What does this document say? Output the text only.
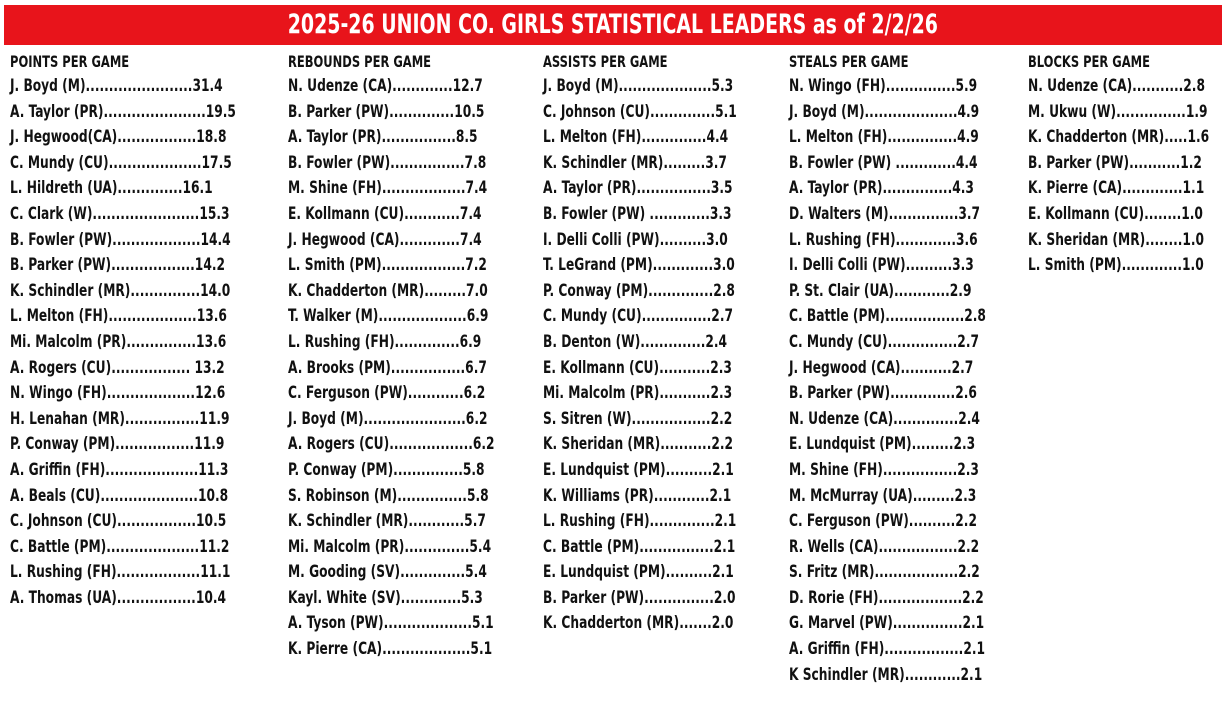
2025-26 UNION CO. GIRLS STATISTICAL LEADERS as of 2/2/26
POINTS PER GAME
J. Boyd (M).......................31.4
A. Taylor (PR)......................19.5
J. Hegwood(CA).................18.8
C. Mundy (CU)....................17.5
L. Hildreth (UA)..............16.1
C. Clark (W).......................15.3
B. Fowler (PW)...................14.4
B. Parker (PW)..................14.2
K. Schindler (MR)...............14.0
L. Melton (FH)...................13.6
Mi. Malcolm (PR)...............13.6
A. Rogers (CU)................. 13.2
N. Wingo (FH)...................12.6
H. Lenahan (MR)................11.9
P. Conway (PM).................11.9
A. Griffin (FH)....................11.3
A. Beals (CU).....................10.8
C. Johnson (CU).................10.5
C. Battle (PM)....................11.2
L. Rushing (FH)..................11.1
A. Thomas (UA).................10.4
REBOUNDS PER GAME
N. Udenze (CA).............12.7
B. Parker (PW)..............10.5
A. Taylor (PR)................8.5
B. Fowler (PW)................7.8
M. Shine (FH)..................7.4
E. Kollmann (CU)............7.4
J. Hegwood (CA).............7.4
L. Smith (PM)..................7.2
K. Chadderton (MR).........7.0
T. Walker (M)...................6.9
L. Rushing (FH)..............6.9
A. Brooks (PM)................6.7
C. Ferguson (PW)............6.2
J. Boyd (M)......................6.2
A. Rogers (CU)..................6.2
P. Conway (PM)...............5.8
S. Robinson (M)...............5.8
K. Schindler (MR)............5.7
Mi. Malcolm (PR)..............5.4
M. Gooding (SV)..............5.4
Kayl. White (SV).............5.3
A. Tyson (PW)...................5.1
K. Pierre (CA)...................5.1
ASSISTS PER GAME
J. Boyd (M)....................5.3
C. Johnson (CU)..............5.1
L. Melton (FH)..............4.4
K. Schindler (MR).........3.7
A. Taylor (PR)................3.5
B. Fowler (PW) .............3.3
I. Delli Colli (PW)..........3.0
T. LeGrand (PM).............3.0
P. Conway (PM)..............2.8
C. Mundy (CU)...............2.7
B. Denton (W)..............2.4
E. Kollmann (CU)...........2.3
Mi. Malcolm (PR)...........2.3
S. Sitren (W).................2.2
K. Sheridan (MR)...........2.2
E. Lundquist (PM)..........2.1
K. Williams (PR)............2.1
L. Rushing (FH)..............2.1
C. Battle (PM)................2.1
E. Lundquist (PM)..........2.1
B. Parker (PW)...............2.0
K. Chadderton (MR).......2.0
STEALS PER GAME
N. Wingo (FH)...............5.9
J. Boyd (M)....................4.9
L. Melton (FH)...............4.9
B. Fowler (PW) .............4.4
A. Taylor (PR)...............4.3
D. Walters (M)...............3.7
L. Rushing (FH).............3.6
I. Delli Colli (PW)..........3.3
P. St. Clair (UA)............2.9
C. Battle (PM).................2.8
C. Mundy (CU)...............2.7
J. Hegwood (CA)...........2.7
B. Parker (PW)..............2.6
N. Udenze (CA)..............2.4
E. Lundquist (PM).........2.3
M. Shine (FH)................2.3
M. McMurray (UA).........2.3
C. Ferguson (PW)..........2.2
R. Wells (CA).................2.2
S. Fritz (MR)..................2.2
D. Rorie (FH)..................2.2
G. Marvel (PW)...............2.1
A. Griffin (FH).................2.1
K Schindler (MR)............2.1
BLOCKS PER GAME
N. Udenze (CA)...........2.8
M. Ukwu (W)...............1.9
K. Chadderton (MR).....1.6
B. Parker (PW)...........1.2
K. Pierre (CA).............1.1
E. Kollmann (CU)........1.0
K. Sheridan (MR)........1.0
L. Smith (PM).............1.0
